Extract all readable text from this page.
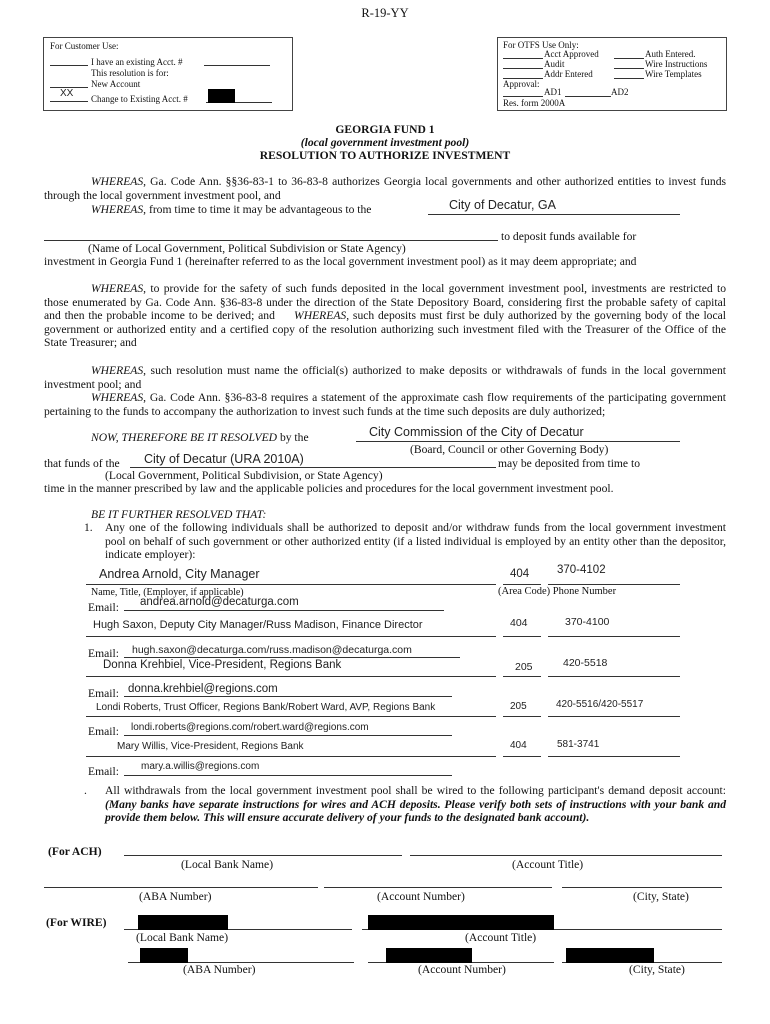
R-19-YY
For Customer Use:
I have an existing Acct. #
This resolution is for:
New Account
XX Change to Existing Acct. #
For OTFS Use Only:
Acct Approved	Auth Entered.
Audit	Wire Instructions
Addr Entered	Wire Templates
Approval:
AD1	AD2
Res. form 2000A
GEORGIA FUND 1
(local government investment pool)
RESOLUTION TO AUTHORIZE INVESTMENT
WHEREAS, Ga. Code Ann. §§36-83-1 to 36-83-8 authorizes Georgia local governments and other authorized entities to invest funds through the local government investment pool, and
WHEREAS, from time to time it may be advantageous to the	City of Decatur, GA
to deposit funds available for
(Name of Local Government, Political Subdivision or State Agency)
investment in Georgia Fund 1 (hereinafter referred to as the local government investment pool) as it may deem appropriate; and
WHEREAS, to provide for the safety of such funds deposited in the local government investment pool, investments are restricted to those enumerated by Ga. Code Ann. §36-83-8 under the direction of the State Depository Board, considering first the probable safety of capital and then the probable income to be derived; and WHEREAS, such deposits must first be duly authorized by the governing body of the local government or authorized entity and a certified copy of the resolution authorizing such investment filed with the Treasurer of the Office of the State Treasurer; and
WHEREAS, such resolution must name the official(s) authorized to make deposits or withdrawals of funds in the local government investment pool; and
WHEREAS, Ga. Code Ann. §36-83-8 requires a statement of the approximate cash flow requirements of the participating government pertaining to the funds to accompany the authorization to invest such funds at the time such deposits are duly authorized;
NOW, THEREFORE BE IT RESOLVED by the	City Commission of the City of Decatur
(Board, Council or other Governing Body)
that funds of the City of Decatur (URA 2010A)	may be deposited from time to
(Local Government, Political Subdivision, or State Agency)
time in the manner prescribed by law and the applicable policies and procedures for the local government investment pool.
BE IT FURTHER RESOLVED THAT:
1. Any one of the following individuals shall be authorized to deposit and/or withdraw funds from the local government investment pool on behalf of such government or other authorized entity (if a listed individual is employed by an entity other than the depositor, indicate employer):
Andrea Arnold, City Manager	404 370-4102
Name, Title, (Employer, if applicable)	(Area Code) Phone Number
Email: andrea.arnold@decaturga.com
Hugh Saxon, Deputy City Manager/Russ Madison, Finance Director	404	370-4100
Email: hugh.saxon@decaturga.com/russ.madison@decaturga.com
Donna Krehbiel, Vice-President, Regions Bank	205	420-5518
Email: donna.krehbiel@regions.com
Londi Roberts, Trust Officer, Regions Bank/Robert Ward, AVP, Regions Bank	205	420-5516/420-5517
Email: londi.roberts@regions.com/robert.ward@regions.com
Mary Willis, Vice-President, Regions Bank	404	581-3741
Email: mary.a.willis@regions.com
. All withdrawals from the local government investment pool shall be wired to the following participant's demand deposit account: (Many banks have separate instructions for wires and ACH deposits. Please verify both sets of instructions with your bank and provide them below. This will ensure accurate delivery of your funds to the designated bank account).
(For ACH)
(Local Bank Name)	(Account Title)
(ABA Number)	(Account Number)	(City, State)
(For WIRE)
(Local Bank Name)	(Account Title)
(ABA Number)	(Account Number)	(City, State)
